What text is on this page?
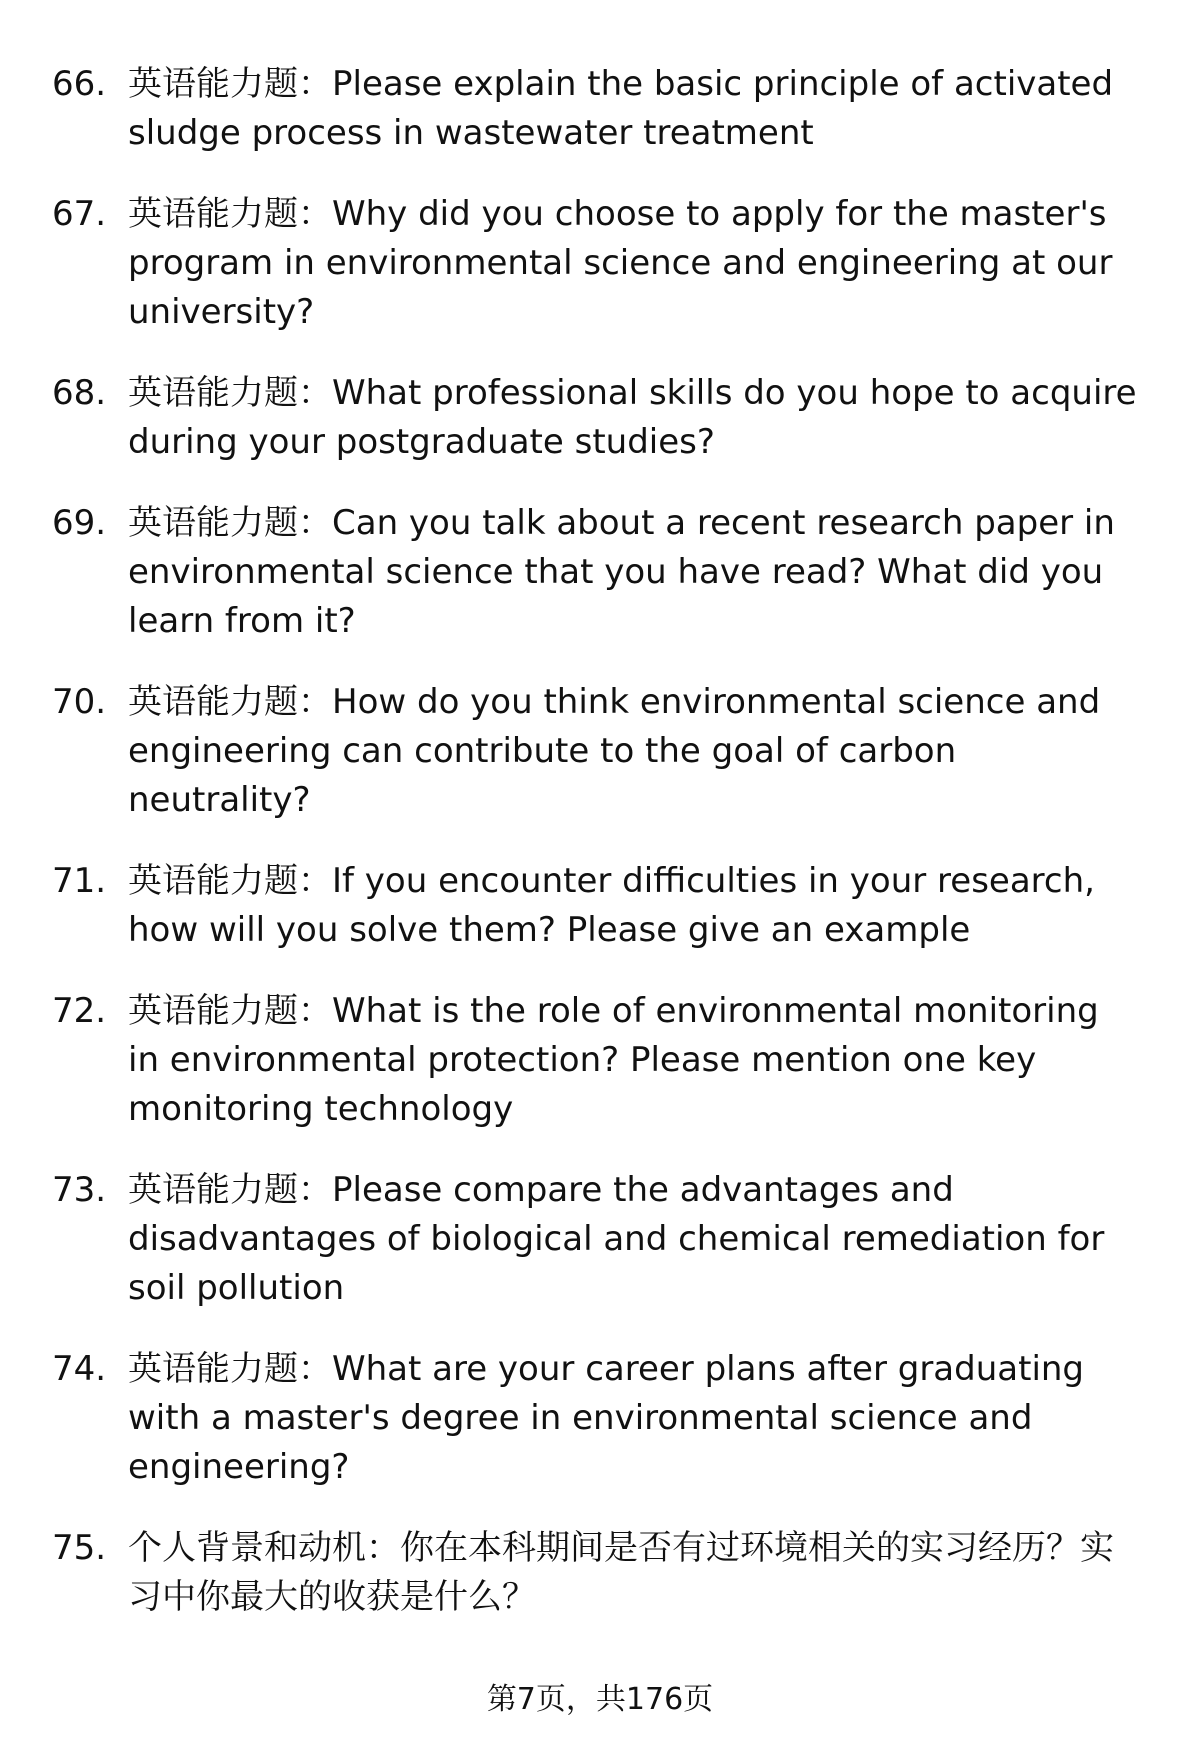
66. 英语能力题：Please explain the basic principle of activated sludge process in wastewater treatment
67. 英语能力题：Why did you choose to apply for the master's program in environmental science and engineering at our university?
68. 英语能力题：What professional skills do you hope to acquire during your postgraduate studies?
69. 英语能力题：Can you talk about a recent research paper in environmental science that you have read? What did you learn from it?
70. 英语能力题：How do you think environmental science and engineering can contribute to the goal of carbon neutrality?
71. 英语能力题：If you encounter difficulties in your research, how will you solve them? Please give an example
72. 英语能力题：What is the role of environmental monitoring in environmental protection? Please mention one key monitoring technology
73. 英语能力题：Please compare the advantages and disadvantages of biological and chemical remediation for soil pollution
74. 英语能力题：What are your career plans after graduating with a master's degree in environmental science and engineering?
75. 个人背景和动机：你在本科期间是否有过环境相关的实习经历？实习中你最大的收获是什么？
第7页，共176页
